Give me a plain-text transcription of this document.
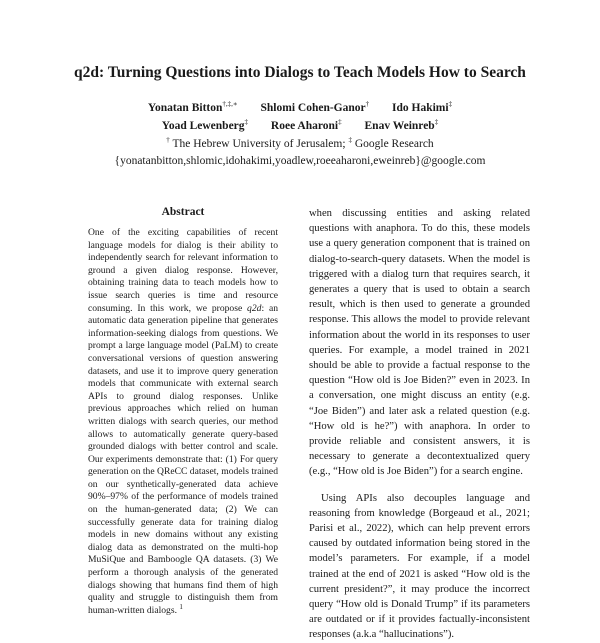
q2d: Turning Questions into Dialogs to Teach Models How to Search
Yonatan Bitton†,‡,∗ Shlomi Cohen-Ganor† Ido Hakimi‡
Yoad Lewenberg‡ Roee Aharoni‡ Enav Weinreb‡
† The Hebrew University of Jerusalem; ‡ Google Research
{yonatanbitton,shlomic,idohakimi,yoadlew,roeeaharoni,eweinreb}@google.com
Abstract

One of the exciting capabilities of recent language models for dialog is their ability to independently search for relevant information to ground a given dialog response. However, obtaining training data to teach models how to issue search queries is time and resource consuming. In this work, we propose q2d: an automatic data generation pipeline that generates information-seeking dialogs from questions. We prompt a large language model (PaLM) to create conversational versions of question answering datasets, and use it to improve query generation models that communicate with external search APIs to ground dialog responses. Unlike previous approaches which relied on human written dialogs with search queries, our method allows to automatically generate query-based grounded dialogs with better control and scale. Our experiments demonstrate that: (1) For query generation on the QReCC dataset, models trained on our synthetically-generated data achieve 90%–97% of the performance of models trained on the human-generated data; (2) We can successfully generate data for training dialog models in new domains without any existing dialog data as demonstrated on the multi-hop MuSiQue and Bamboogle QA datasets. (3) We perform a thorough analysis of the generated dialogs showing that humans find them of high quality and struggle to distinguish them from human-written dialogs. $^1$

when discussing entities and asking related questions with anaphora. To do this, these models use a query generation component that is trained on dialog-to-search-query datasets. When the model is triggered with a dialog turn that requires search, it generates a query that is used to obtain a search result, which is then used to generate a grounded response. This allows the model to provide relevant information about the world in its responses to user queries. For example, a model trained in 2021 should be able to provide a factual response to the question “How old is Joe Biden?” even in 2023. In a conversation, one might discuss an entity (e.g. “Joe Biden”) and later ask a related question (e.g. “How old is he?”) with anaphora. In order to provide reliable and consistent answers, it is necessary to generate a decontextualized query (e.g., “How old is Joe Biden”) for a search engine.

Using APIs also decouples language and reasoning from knowledge (Borgeaud et al., 2021; Parisi et al., 2022), which can help prevent errors caused by outdated information being stored in the model’s parameters. For example, if a model trained at the end of 2021 is asked “How old is the current president?”, it may produce the incorrect query “How old is Donald Trump” if its parameters are outdated or if it provides factually-inconsistent responses (a.k.a “hallucinations”).
